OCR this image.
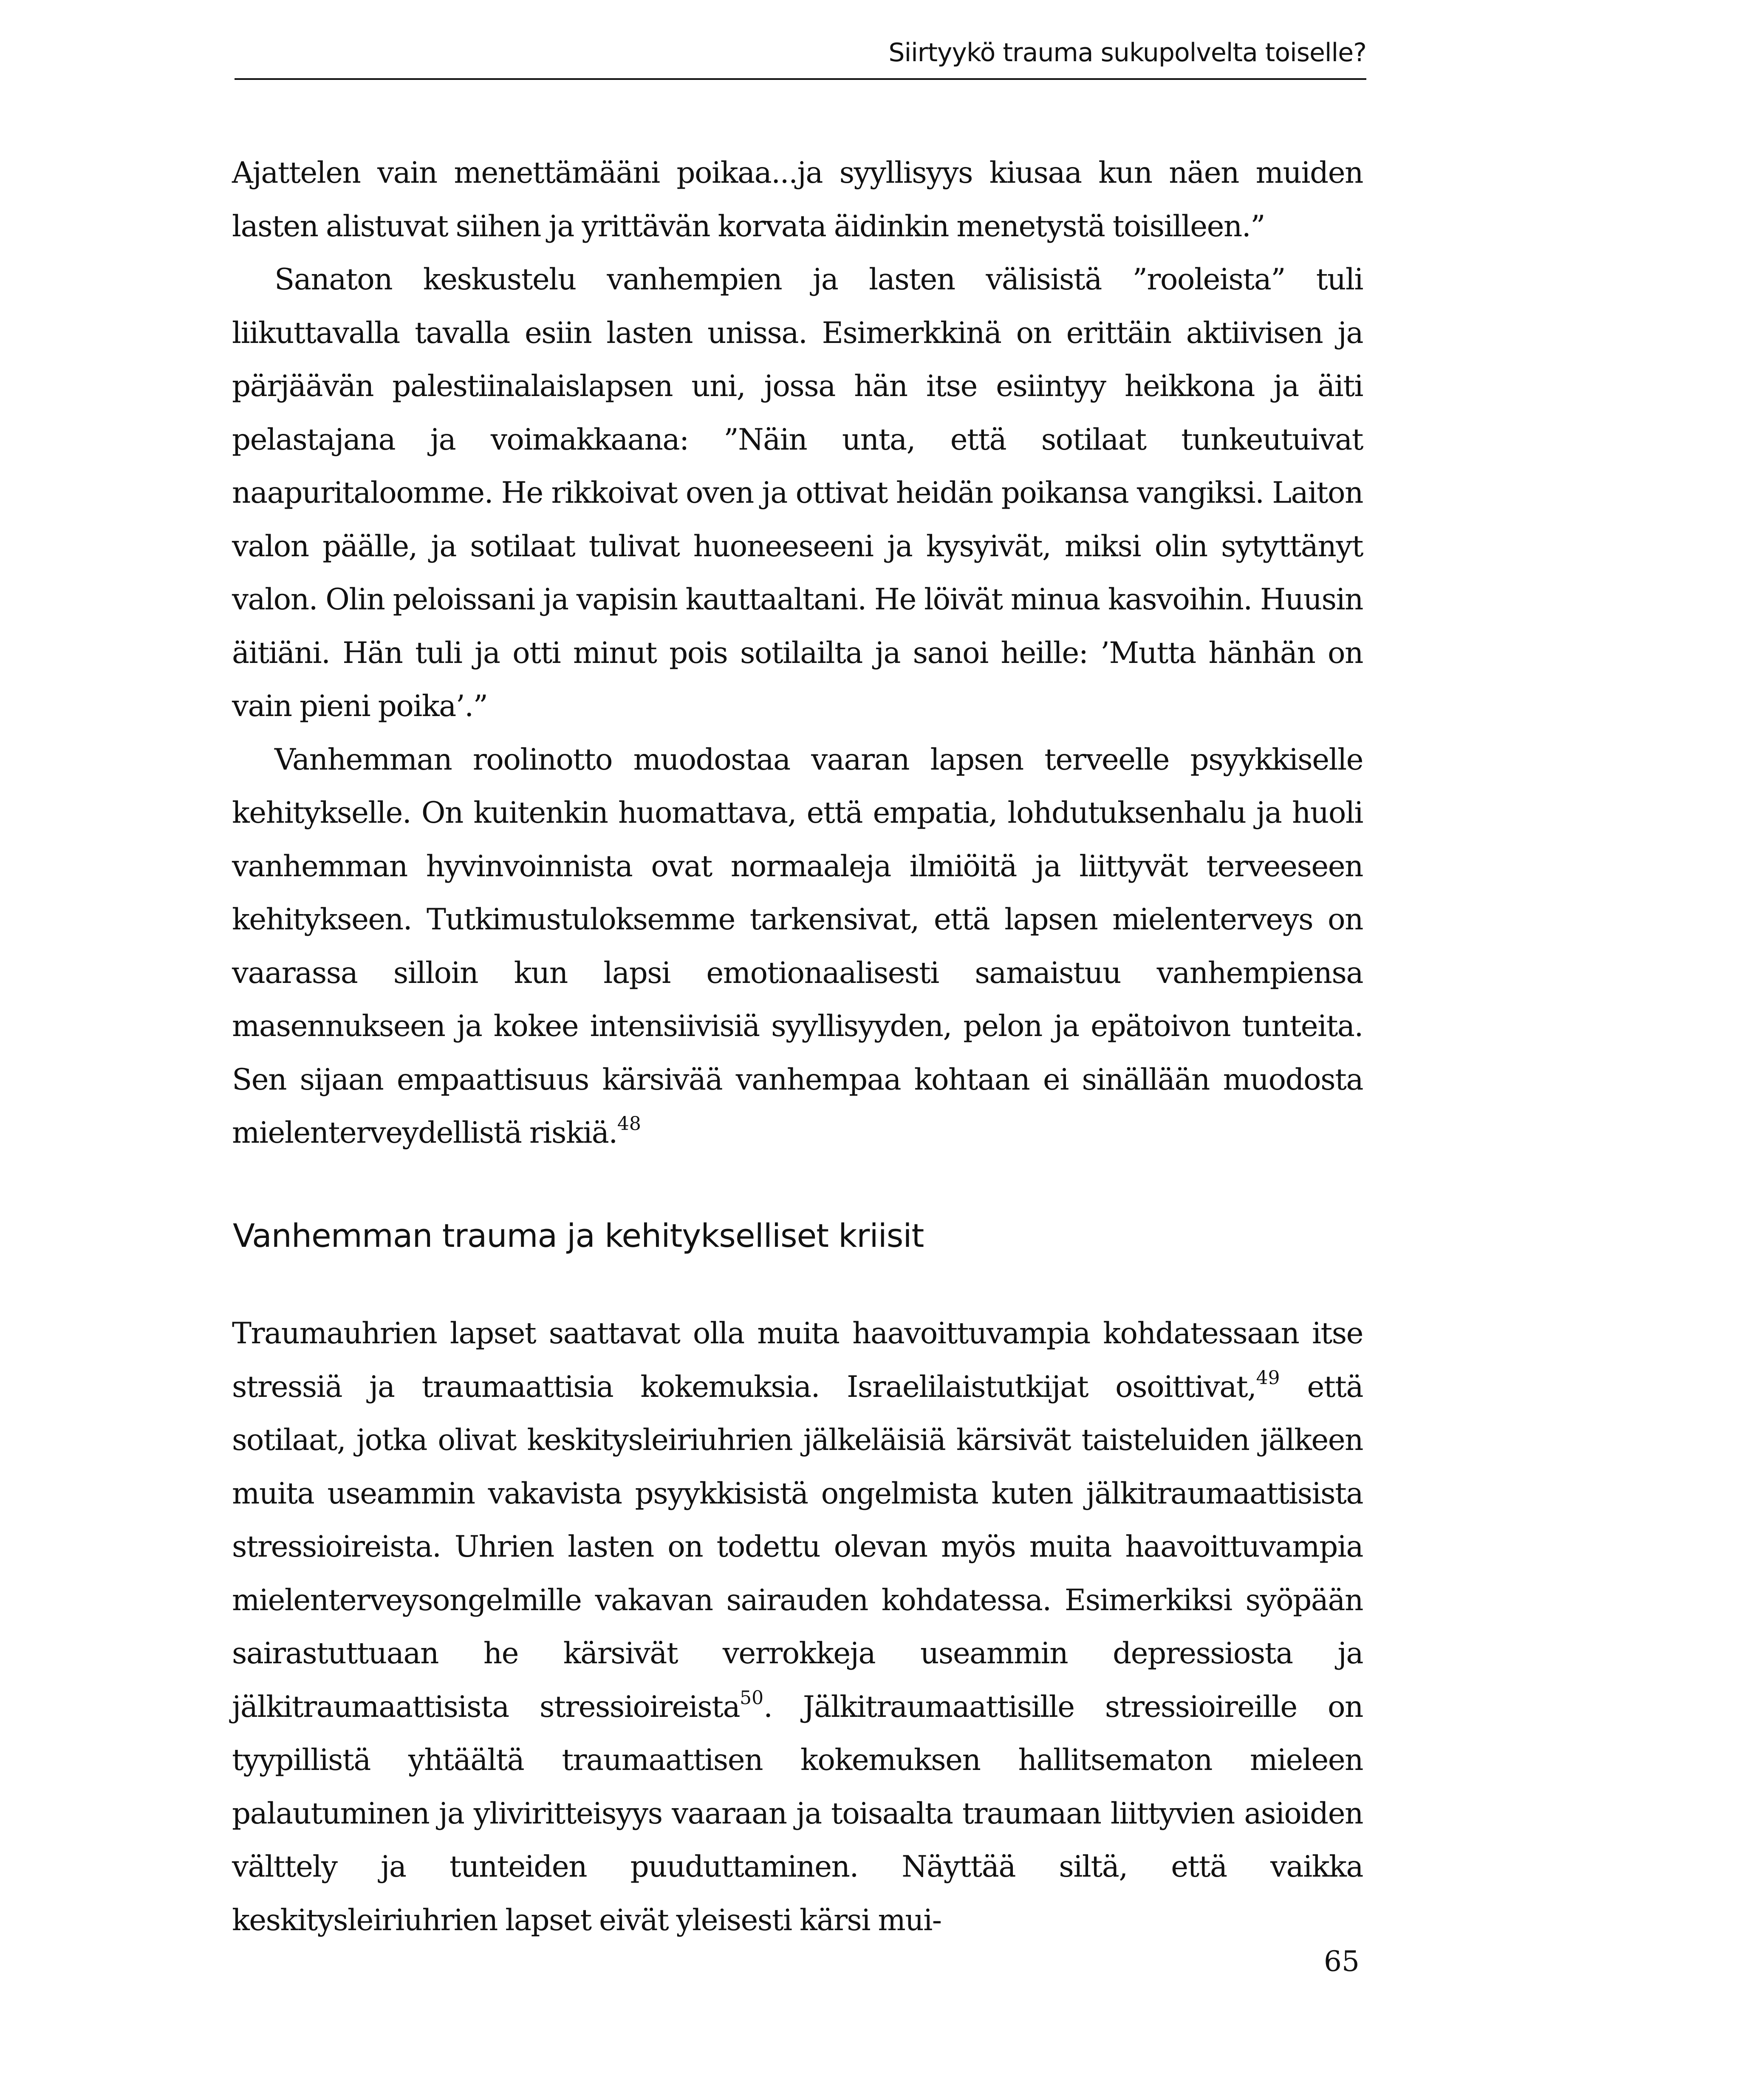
Siirtyykö trauma sukupolvelta toiselle?

Ajattelen vain menettämääni poikaa...ja syyllisyys kiusaa kun näen muiden lasten alistuvat siihen ja yrittävän korvata äidinkin menetystä toisilleen.”

Sanaton keskustelu vanhempien ja lasten välisistä ”rooleista” tuli liikuttavalla tavalla esiin lasten unissa. Esimerkkinä on erittäin aktiivisen ja pärjäävän palestiinalaislapsen uni, jossa hän itse esiintyy heikkona ja äiti pelastajana ja voimakkaana: ”Näin unta, että sotilaat tunkeutuivat naapuritaloomme. He rikkoivat oven ja ottivat heidän poikansa vangiksi. Laiton valon päälle, ja sotilaat tulivat huoneeseeni ja kysyivät, miksi olin sytyttänyt valon. Olin peloissani ja vapisin kauttaaltani. He löivät minua kasvoihin. Huusin äitiäni. Hän tuli ja otti minut pois sotilailta ja sanoi heille: ’Mutta hänhän on vain pieni poika’.”

Vanhemman roolinotto muodostaa vaaran lapsen terveelle psyykkiselle kehitykselle. On kuitenkin huomattava, että empatia, lohdutuksenhalu ja huoli vanhemman hyvinvoinnista ovat normaaleja ilmiöitä ja liittyvät terveeseen kehitykseen. Tutkimustuloksemme tarkensivat, että lapsen mielenterveys on vaarassa silloin kun lapsi emotionaalisesti samaistuu vanhempiensa masennukseen ja kokee intensiivisiä syyllisyyden, pelon ja epätoivon tunteita. Sen sijaan empaattisuus kärsivää vanhempaa kohtaan ei sinällään muodosta mielenterveydellistä riskiä.$^{48}$

Vanhemman trauma ja kehitykselliset kriisit

Traumauhrien lapset saattavat olla muita haavoittuvampia kohdatessaan itse stressiä ja traumaattisia kokemuksia. Israelilaistutkijat osoittivat,$^{49}$ että sotilaat, jotka olivat keskitysleiriuhrien jälkeläisiä kärsivät taisteluiden jälkeen muita useammin vakavista psyykkisistä ongelmista kuten jälkitraumaattisista stressioireista. Uhrien lasten on todettu olevan myös muita haavoittuvampia mielenterveysongelmille vakavan sairauden kohdatessa. Esimerkiksi syöpään sairastuttuaan he kärsivät verrokkeja useammin depressiosta ja jälkitraumaattisista stressioireista$^{50}$. Jälkitraumaattisille stressioireille on tyypillistä yhtäältä traumaattisen kokemuksen hallitsematon mieleen palautuminen ja yliviritteisyys vaaraan ja toisaalta traumaan liittyvien asioiden välttely ja tunteiden puuduttaminen. Näyttää siltä, että vaikka keskitysleiriuhrien lapset eivät yleisesti kärsi mui-

65
